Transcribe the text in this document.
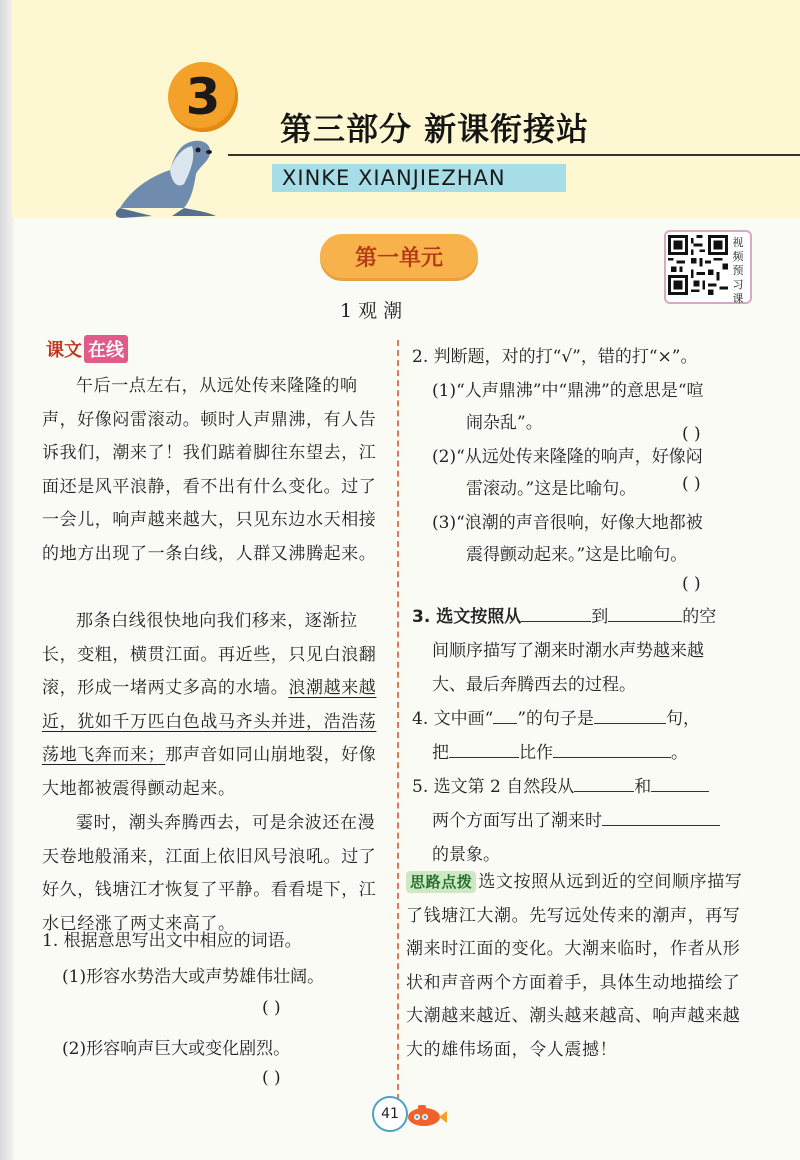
3
第三部分 新课衔接站
XINKE XIANJIEZHAN
第一单元
视频预习课
1 观 潮
课文 在线
午后一点左右，从远处传来隆隆的响声，好像闷雷滚动。顿时人声鼎沸，有人告诉我们，潮来了！我们踮着脚往东望去，江面还是风平浪静，看不出有什么变化。过了一会儿，响声越来越大，只见东边水天相接的地方出现了一条白线，人群又沸腾起来。
那条白线很快地向我们移来，逐渐拉长，变粗，横贯江面。再近些，只见白浪翻滚，形成一堵两丈多高的水墙。浪潮越来越近，犹如千万匹白色战马齐头并进，浩浩荡荡地飞奔而来；那声音如同山崩地裂，好像大地都被震得颤动起来。
霎时，潮头奔腾西去，可是余波还在漫天卷地般涌来，江面上依旧风号浪吼。过了好久，钱塘江才恢复了平静。看看堤下，江水已经涨了两丈来高了。
1. 根据意思写出文中相应的词语。
(1)形容水势浩大或声势雄伟壮阔。
( )
(2)形容响声巨大或变化剧烈。
( )
2. 判断题，对的打“√”，错的打“×”。
(1)“人声鼎沸”中“鼎沸”的意思是“喧
闹杂乱”。
( )
(2)“从远处传来隆隆的响声，好像闷
雷滚动。”这是比喻句。	( )
(3)“浪潮的声音很响，好像大地都被
震得颤动起来。”这是比喻句。
( )
3. 选文按照从	到	的空
间顺序描写了潮来时潮水声势越来越
大、最后奔腾西去的过程。
4. 文中画“ ”的句子是	句，
把	比作	。
5. 选文第 2 自然段从	和
两个方面写出了潮来时
的景象。
思路点拨 选文按照从远到近的空间顺序描写了钱塘江大潮。先写远处传来的潮声，再写潮来时江面的变化。大潮来临时，作者从形状和声音两个方面着手，具体生动地描绘了大潮越来越近、潮头越来越高、响声越来越大的雄伟场面，令人震撼！
41
